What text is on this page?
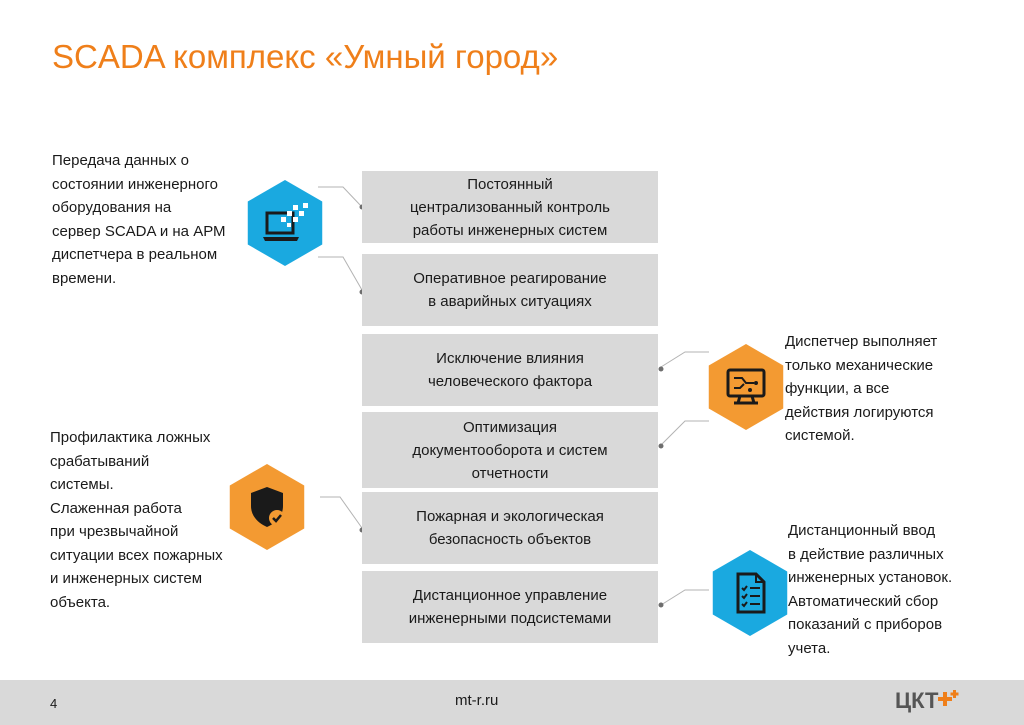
SCADA комплекс «Умный город»
Постоянный
централизованный контроль
работы инженерных систем
Оперативное реагирование
в аварийных ситуациях
Исключение влияния
человеческого фактора
Оптимизация
документооборота и систем
отчетности
Пожарная и экологическая
безопасность объектов
Дистанционное управление
инженерными подсистемами
Передача данных о
состоянии инженерного
оборудования на
сервер SCADA и на АРМ
диспетчера в реальном
времени.
Профилактика ложных
срабатываний
системы.
Слаженная работа
при чрезвычайной
ситуации всех пожарных
и инженерных систем
объекта.
Диспетчер выполняет
только механические
функции, а все
действия логируются
системой.
Дистанционный ввод
в действие различных
инженерных установок.
Автоматический сбор
показаний с приборов
учета.
4	mt-r.ru	ЦКТ
